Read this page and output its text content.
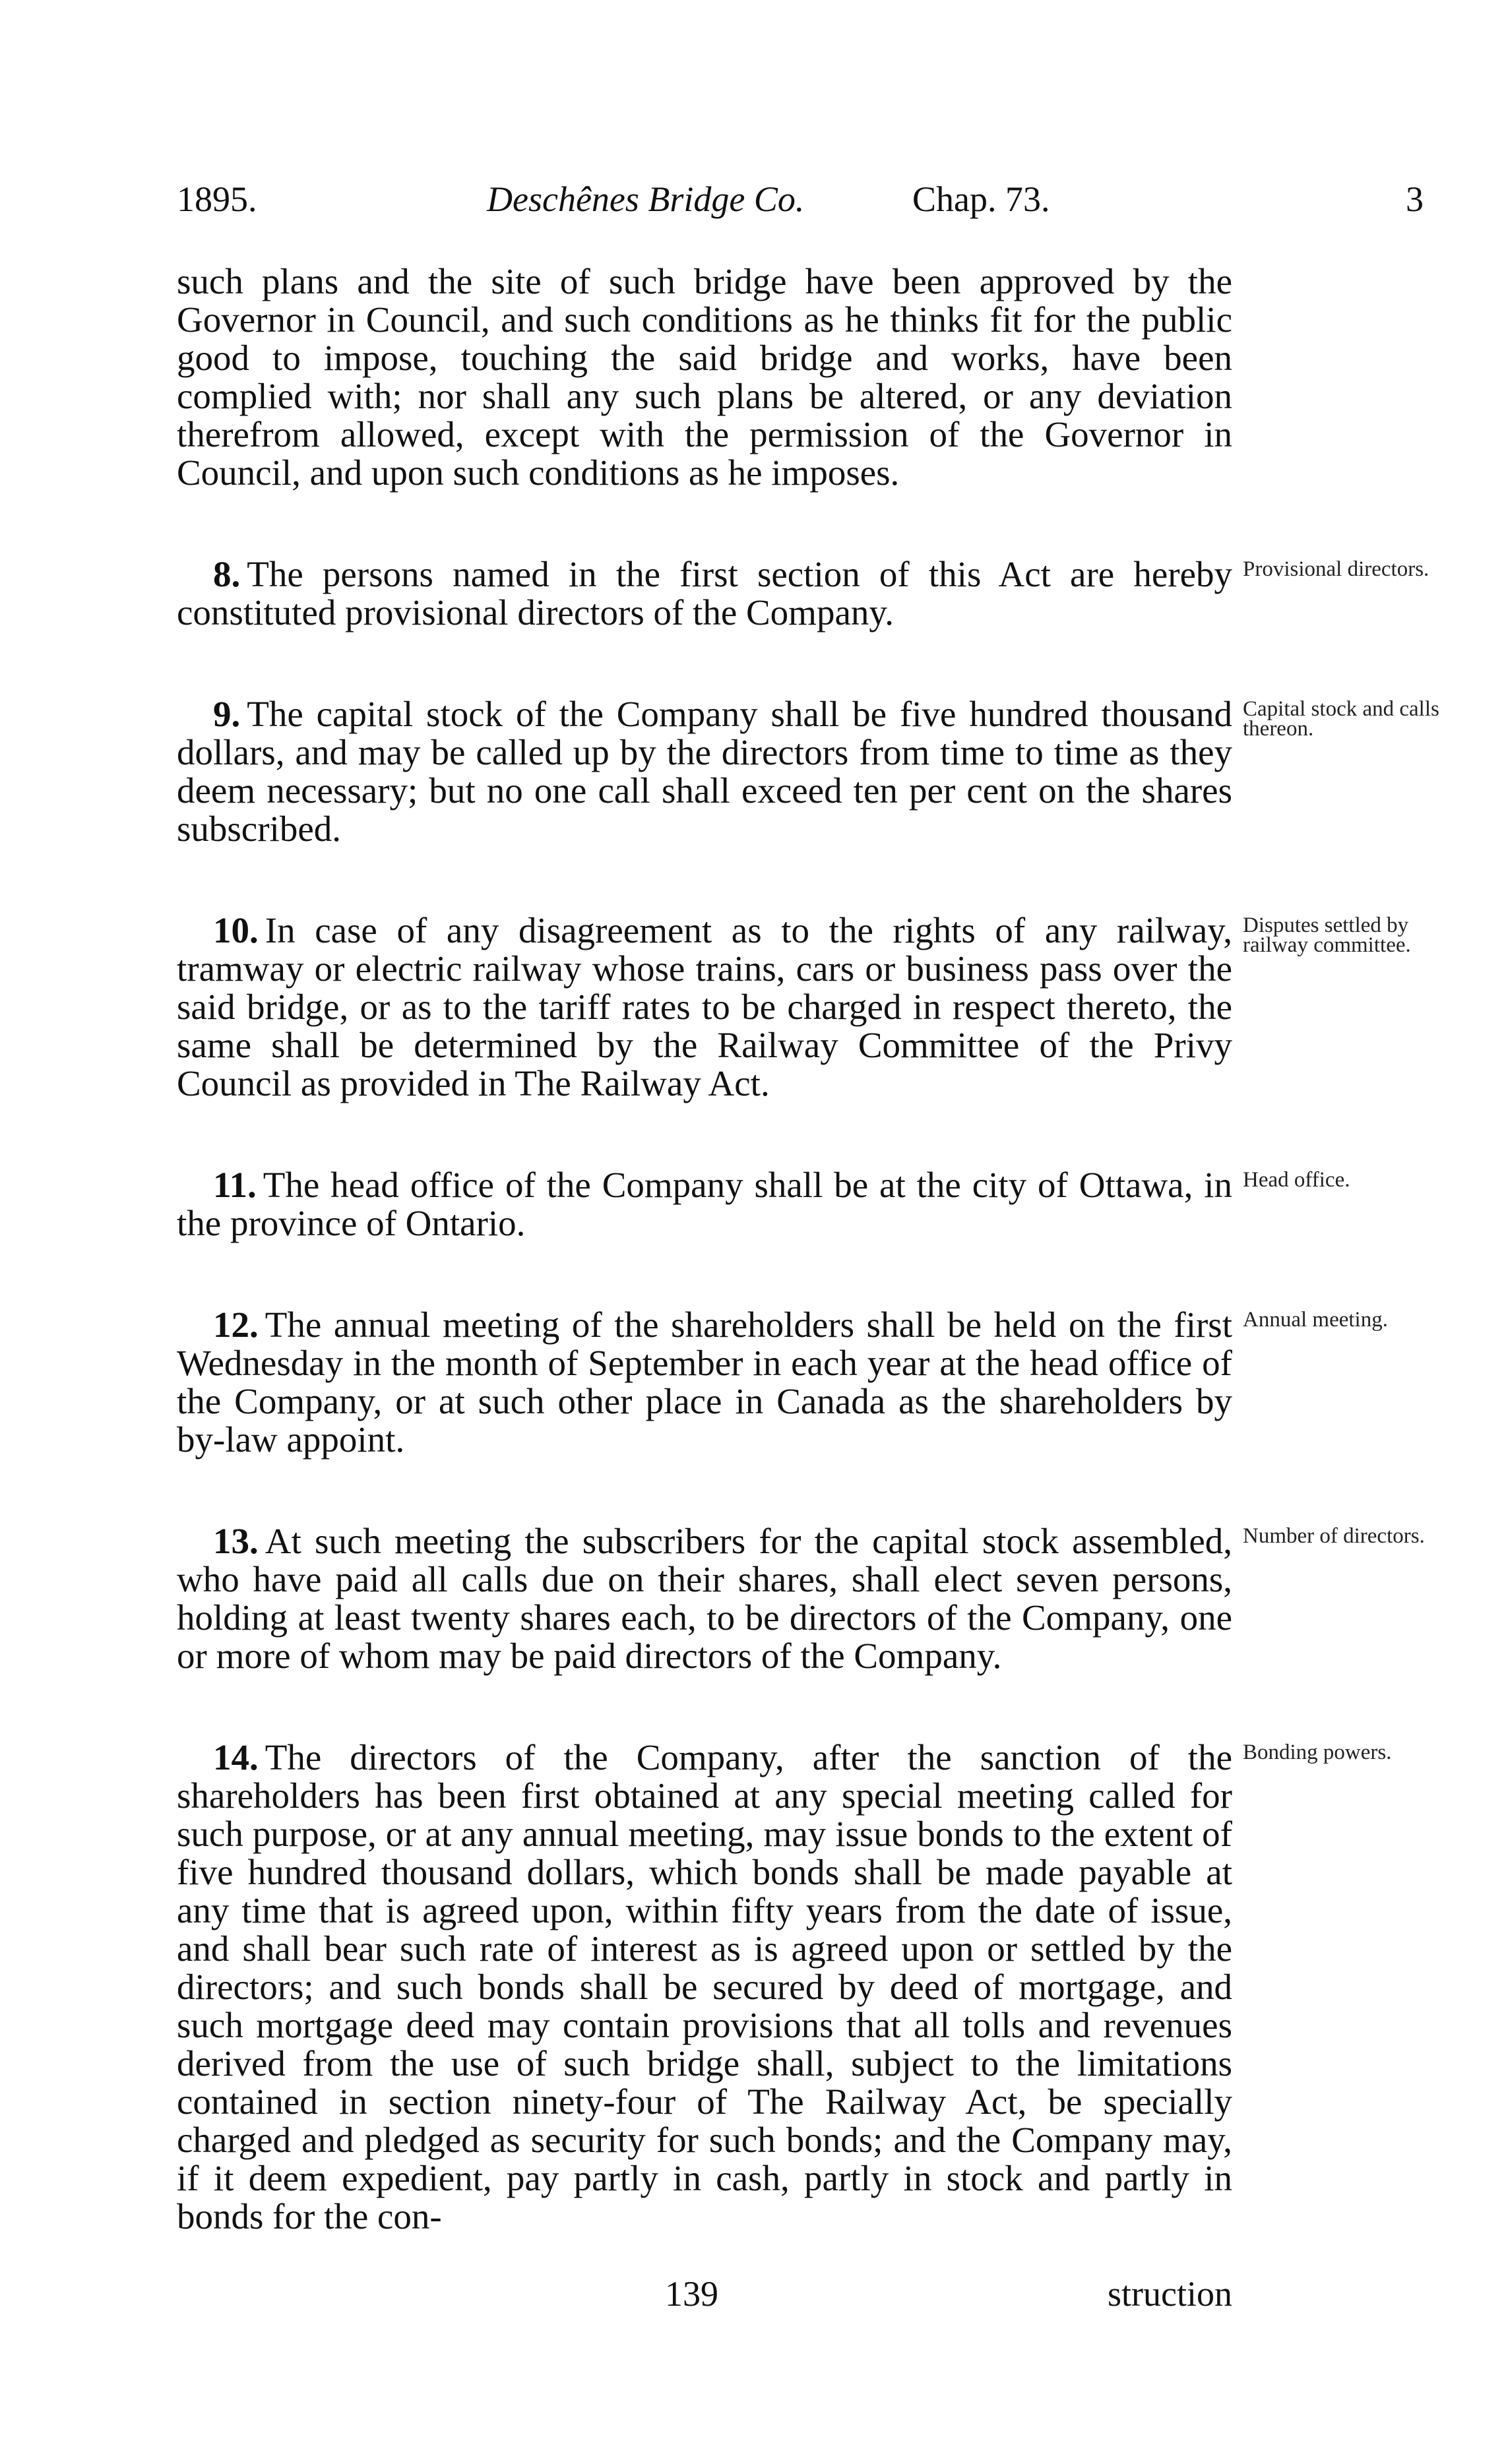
1895.	Deschênes Bridge Co.	Chap. 73.	3

such plans and the site of such bridge have been approved by the Governor in Council, and such conditions as he thinks fit for the public good to impose, touching the said bridge and works, have been complied with; nor shall any such plans be altered, or any deviation therefrom allowed, except with the permission of the Governor in Council, and upon such conditions as he imposes.

8. The persons named in the first section of this Act are hereby constituted provisional directors of the Company.

9. The capital stock of the Company shall be five hundred thousand dollars, and may be called up by the directors from time to time as they deem necessary; but no one call shall exceed ten per cent on the shares subscribed.

10. In case of any disagreement as to the rights of any railway, tramway or electric railway whose trains, cars or business pass over the said bridge, or as to the tariff rates to be charged in respect thereto, the same shall be determined by the Railway Committee of the Privy Council as provided in The Railway Act.

11. The head office of the Company shall be at the city of Ottawa, in the province of Ontario.

12. The annual meeting of the shareholders shall be held on the first Wednesday in the month of September in each year at the head office of the Company, or at such other place in Canada as the shareholders by by-law appoint.

13. At such meeting the subscribers for the capital stock assembled, who have paid all calls due on their shares, shall elect seven persons, holding at least twenty shares each, to be directors of the Company, one or more of whom may be paid directors of the Company.

14. The directors of the Company, after the sanction of the shareholders has been first obtained at any special meeting called for such purpose, or at any annual meeting, may issue bonds to the extent of five hundred thousand dollars, which bonds shall be made payable at any time that is agreed upon, within fifty years from the date of issue, and shall bear such rate of interest as is agreed upon or settled by the directors; and such bonds shall be secured by deed of mortgage, and such mortgage deed may contain provisions that all tolls and revenues derived from the use of such bridge shall, subject to the limitations contained in section ninety-four of The Railway Act, be specially charged and pledged as security for such bonds; and the Company may, if it deem expedient, pay partly in cash, partly in stock and partly in bonds for the con-

Provisional directors.
Capital stock and calls thereon.
Disputes settled by railway committee.
Head office.
Annual meeting.
Number of directors.
Bonding powers.
139	struction
